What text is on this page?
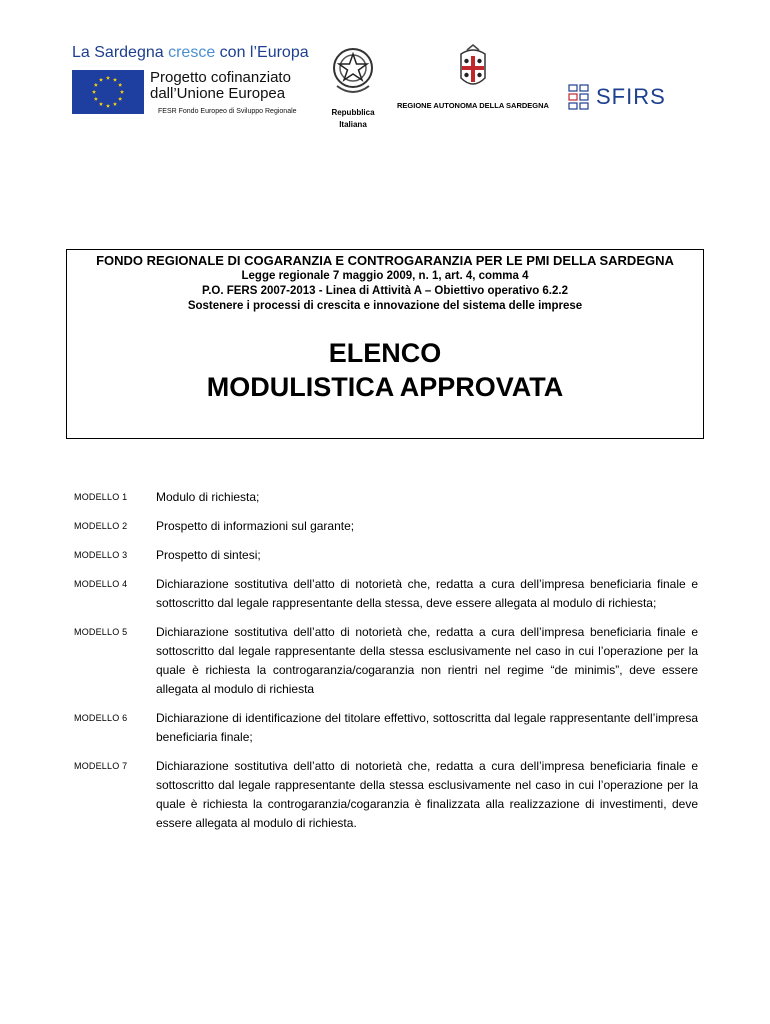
La Sardegna cresce con l’Europa
Progetto cofinanziato
dall’Unione Europea
FESR Fondo Europeo di Sviluppo Regionale	Repubblica
Italiana
REGIONE AUTONOMA DELLA SARDEGNA	SFIRS
FONDO REGIONALE DI COGARANZIA E CONTROGARANZIA PER LE PMI DELLA SARDEGNA
Legge regionale 7 maggio 2009, n. 1, art. 4, comma 4
P.O. FERS 2007-2013 - Linea di Attività A – Obiettivo operativo 6.2.2
Sostenere i processi di crescita e innovazione del sistema delle imprese
ELENCO
MODULISTICA APPROVATA
MODELLO 1	Modulo di richiesta;
MODELLO 2	Prospetto di informazioni sul garante;
MODELLO 3	Prospetto di sintesi;
MODELLO 4	Dichiarazione sostitutiva dell’atto di notorietà che, redatta a cura dell’impresa beneficiaria finale e sottoscritto dal legale rappresentante della stessa, deve essere allegata al modulo di richiesta;
MODELLO 5	Dichiarazione sostitutiva dell’atto di notorietà che, redatta a cura dell’impresa beneficiaria finale e sottoscritto dal legale rappresentante della stessa esclusivamente nel caso in cui l’operazione per la quale è richiesta la controgaranzia/cogaranzia non rientri nel regime “de minimis”, deve essere allegata al modulo di richiesta
MODELLO 6	Dichiarazione di identificazione del titolare effettivo, sottoscritta dal legale rappresentante dell’impresa beneficiaria finale;
MODELLO 7	Dichiarazione sostitutiva dell’atto di notorietà che, redatta a cura dell’impresa beneficiaria finale e sottoscritto dal legale rappresentante della stessa esclusivamente nel caso in cui l’operazione per la quale è richiesta la controgaranzia/cogaranzia è finalizzata alla realizzazione di investimenti, deve essere allegata al modulo di richiesta.
